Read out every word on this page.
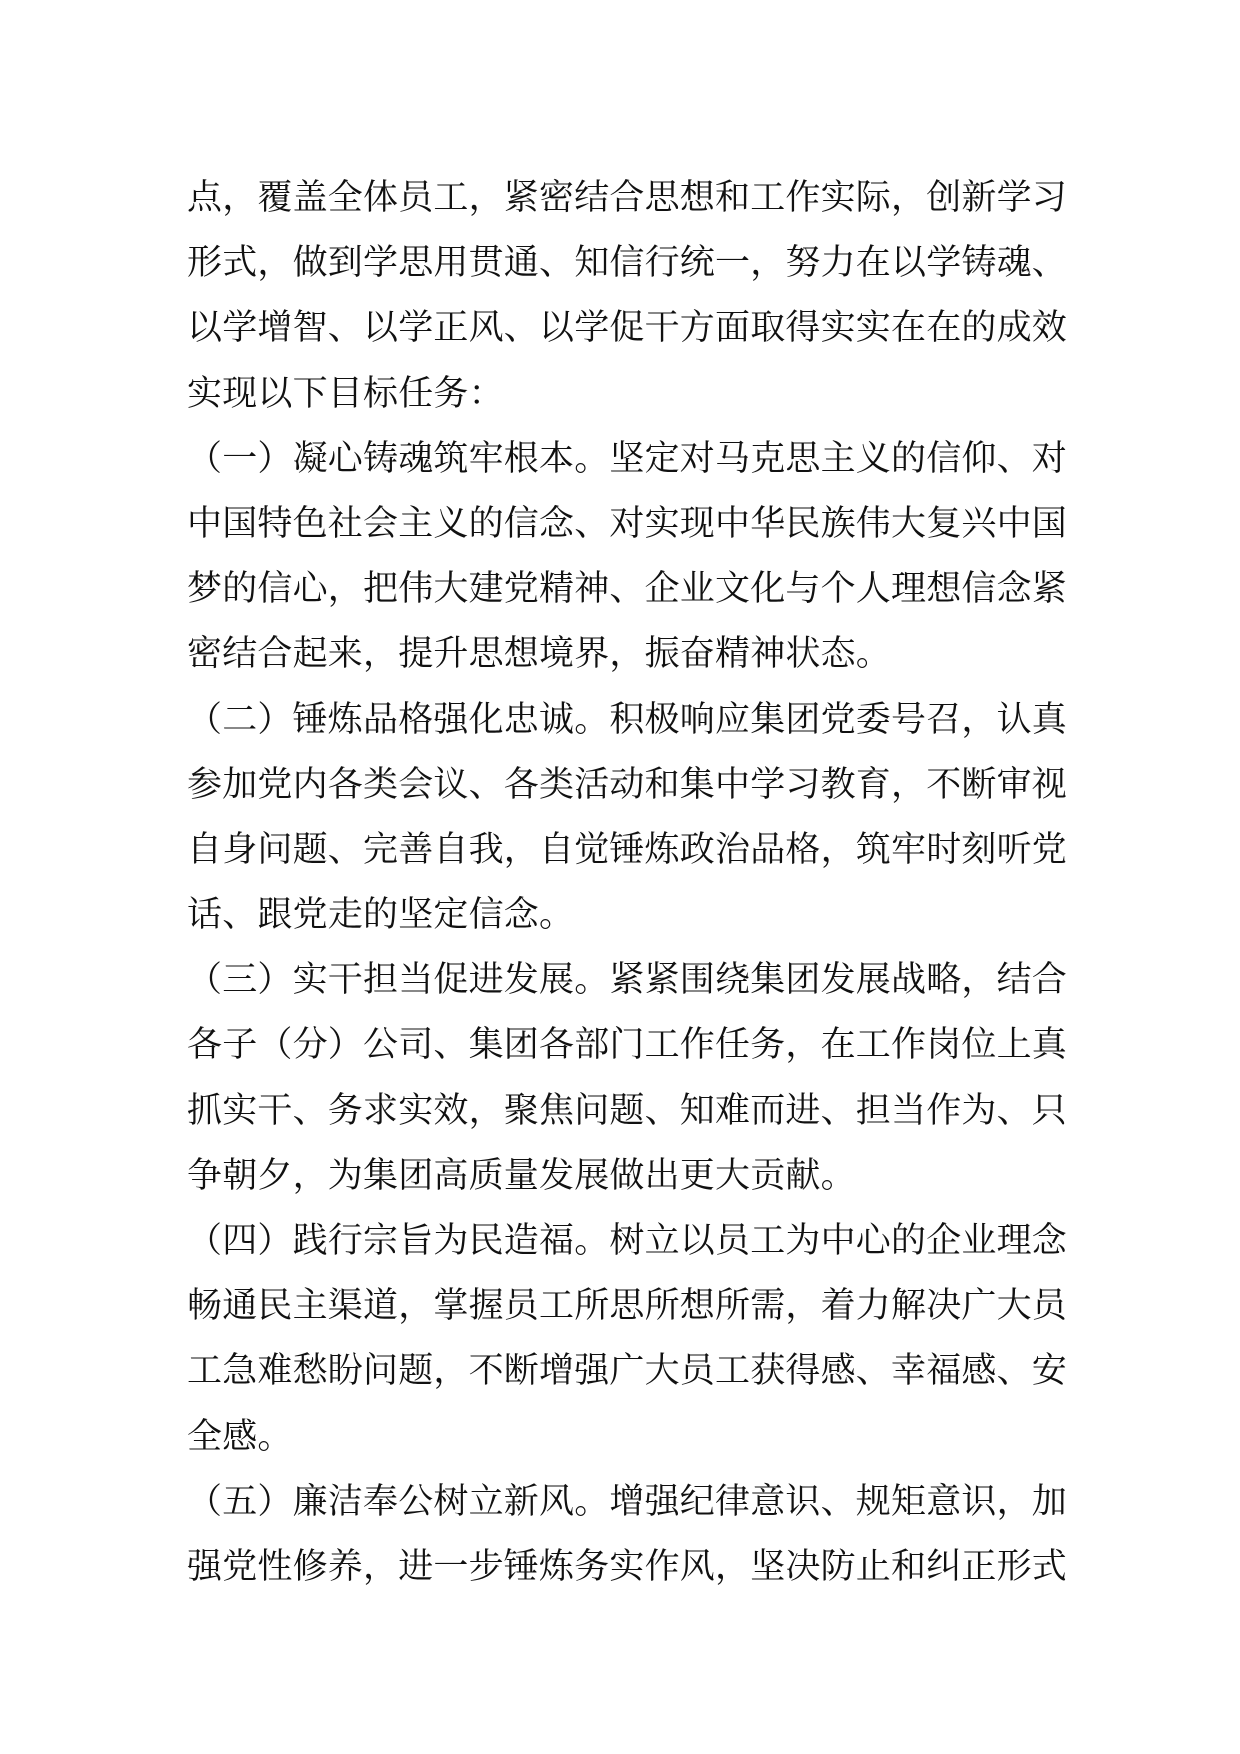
点，覆盖全体员工，紧密结合思想和工作实际，创新学习
形式，做到学思用贯通、知信行统一，努力在以学铸魂、
以学增智、以学正风、以学促干方面取得实实在在的成效
实现以下目标任务：
（一）凝心铸魂筑牢根本。坚定对马克思主义的信仰、对
中国特色社会主义的信念、对实现中华民族伟大复兴中国
梦的信心，把伟大建党精神、企业文化与个人理想信念紧
密结合起来，提升思想境界，振奋精神状态。
（二）锤炼品格强化忠诚。积极响应集团党委号召，认真
参加党内各类会议、各类活动和集中学习教育，不断审视
自身问题、完善自我，自觉锤炼政治品格，筑牢时刻听党
话、跟党走的坚定信念。
（三）实干担当促进发展。紧紧围绕集团发展战略，结合
各子（分）公司、集团各部门工作任务，在工作岗位上真
抓实干、务求实效，聚焦问题、知难而进、担当作为、只
争朝夕，为集团高质量发展做出更大贡献。
（四）践行宗旨为民造福。树立以员工为中心的企业理念
畅通民主渠道，掌握员工所思所想所需，着力解决广大员
工急难愁盼问题，不断增强广大员工获得感、幸福感、安
全感。
（五）廉洁奉公树立新风。增强纪律意识、规矩意识，加
强党性修养，进一步锤炼务实作风，坚决防止和纠正形式
